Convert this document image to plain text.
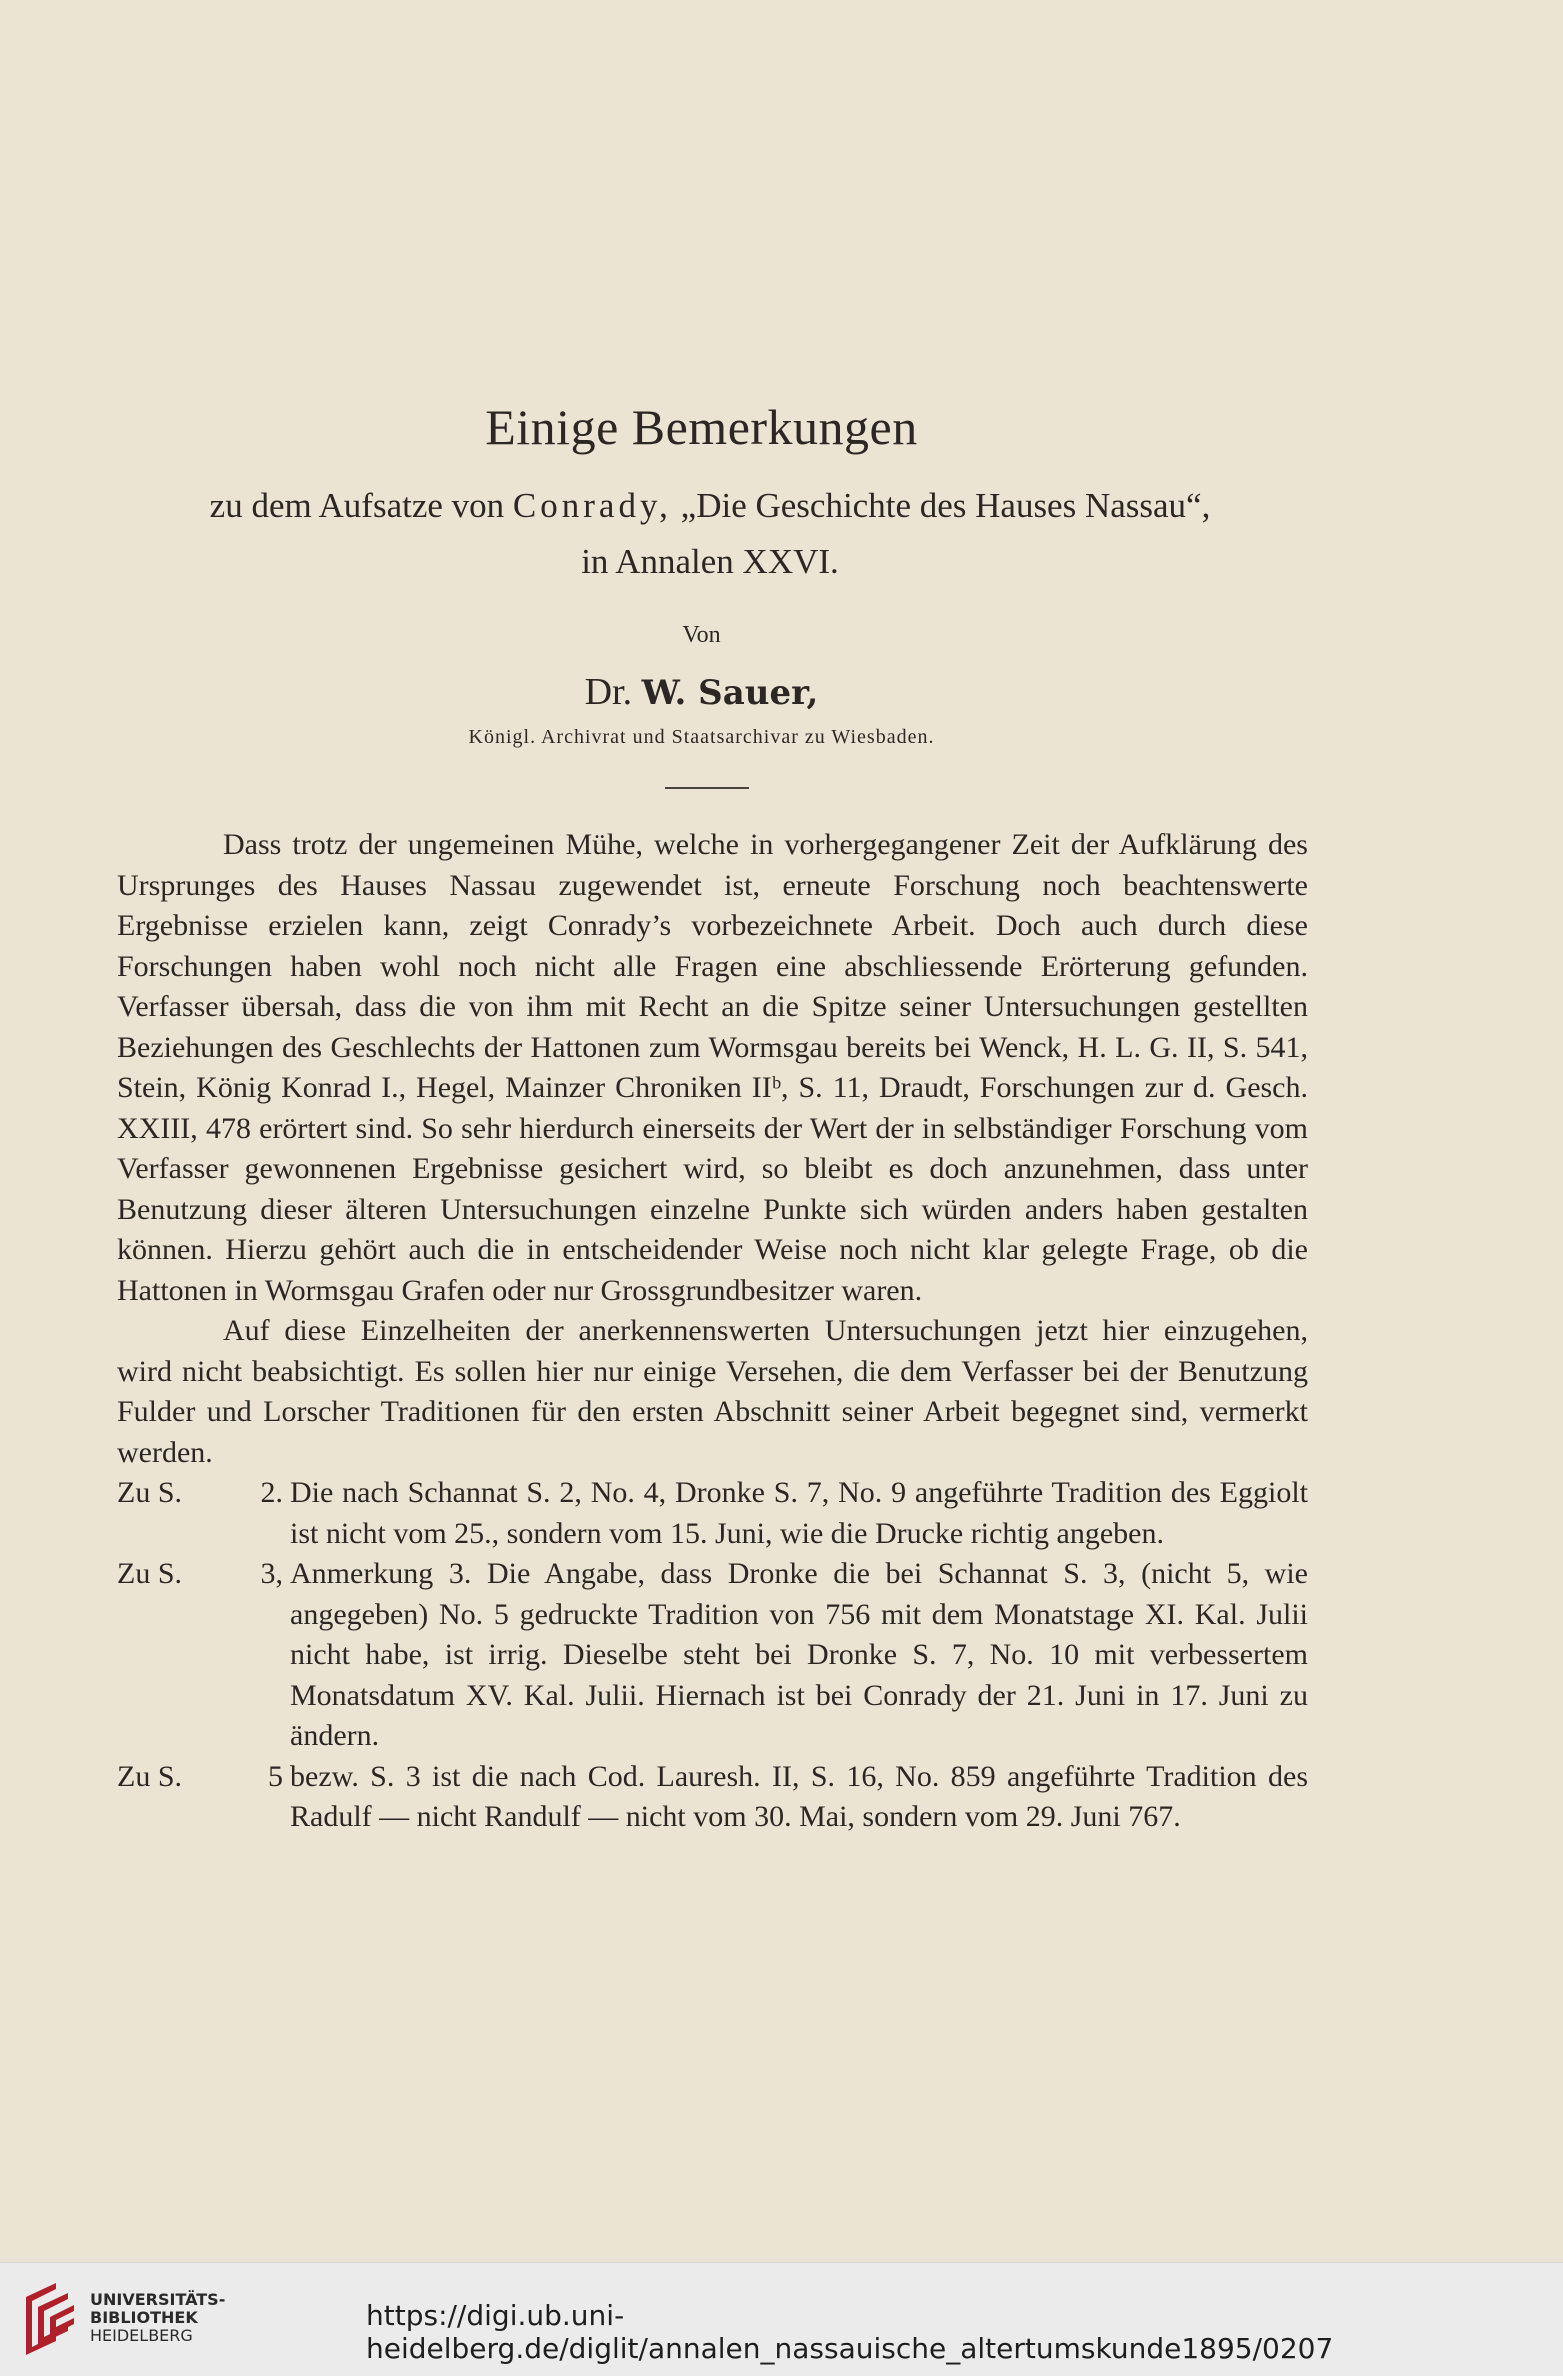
Einige Bemerkungen
zu dem Aufsatze von Conrady, „Die Geschichte des Hauses Nassau“,
in Annalen XXVI.
Von
Dr. W. Sauer,
Königl. Archivrat und Staatsarchivar zu Wiesbaden.

Dass trotz der ungemeinen Mühe, welche in vorhergegangener Zeit der Aufklärung des Ursprunges des Hauses Nassau zugewendet ist, erneute Forschung noch beachtenswerte Ergebnisse erzielen kann, zeigt Conrady’s vorbezeichnete Arbeit. Doch auch durch diese Forschungen haben wohl noch nicht alle Fragen eine abschliessende Erörterung gefunden. Verfasser übersah, dass die von ihm mit Recht an die Spitze seiner Untersuchungen gestellten Beziehungen des Geschlechts der Hattonen zum Wormsgau bereits bei Wenck, H. L. G. II, S. 541, Stein, König Konrad I., Hegel, Mainzer Chroniken IIᵇ, S. 11, Draudt, Forschungen zur d. Gesch. XXIII, 478 erörtert sind. So sehr hierdurch einerseits der Wert der in selbständiger Forschung vom Verfasser gewonnenen Ergebnisse gesichert wird, so bleibt es doch anzunehmen, dass unter Benutzung dieser älteren Untersuchungen einzelne Punkte sich würden anders haben gestalten können. Hierzu gehört auch die in entscheidender Weise noch nicht klar gelegte Frage, ob die Hattonen in Wormsgau Grafen oder nur Grossgrundbesitzer waren.

Auf diese Einzelheiten der anerkennenswerten Untersuchungen jetzt hier einzugehen, wird nicht beabsichtigt. Es sollen hier nur einige Versehen, die dem Verfasser bei der Benutzung Fulder und Lorscher Traditionen für den ersten Abschnitt seiner Arbeit begegnet sind, vermerkt werden.

Zu S.	2. Die nach Schannat S. 2, No. 4, Dronke S. 7, No. 9 angeführte Tradition des Eggiolt ist nicht vom 25., sondern vom 15. Juni, wie die Drucke richtig angeben.

Zu S.	3, Anmerkung 3. Die Angabe, dass Dronke die bei Schannat S. 3, (nicht 5, wie angegeben) No. 5 gedruckte Tradition von 756 mit dem Monatstage XI. Kal. Julii nicht habe, ist irrig. Dieselbe steht bei Dronke S. 7, No. 10 mit verbessertem Monatsdatum XV. Kal. Julii. Hiernach ist bei Conrady der 21. Juni in 17. Juni zu ändern.

Zu S.	5 bezw. S. 3 ist die nach Cod. Lauresh. II, S. 16, No. 859 angeführte Tradition des Radulf — nicht Randulf — nicht vom 30. Mai, sondern vom 29. Juni 767.

UNIVERSITÄTS-
BIBLIOTHEK
HEIDELBERG
https://digi.ub.uni-heidelberg.de/diglit/annalen_nassauische_altertumskunde1895/0207
